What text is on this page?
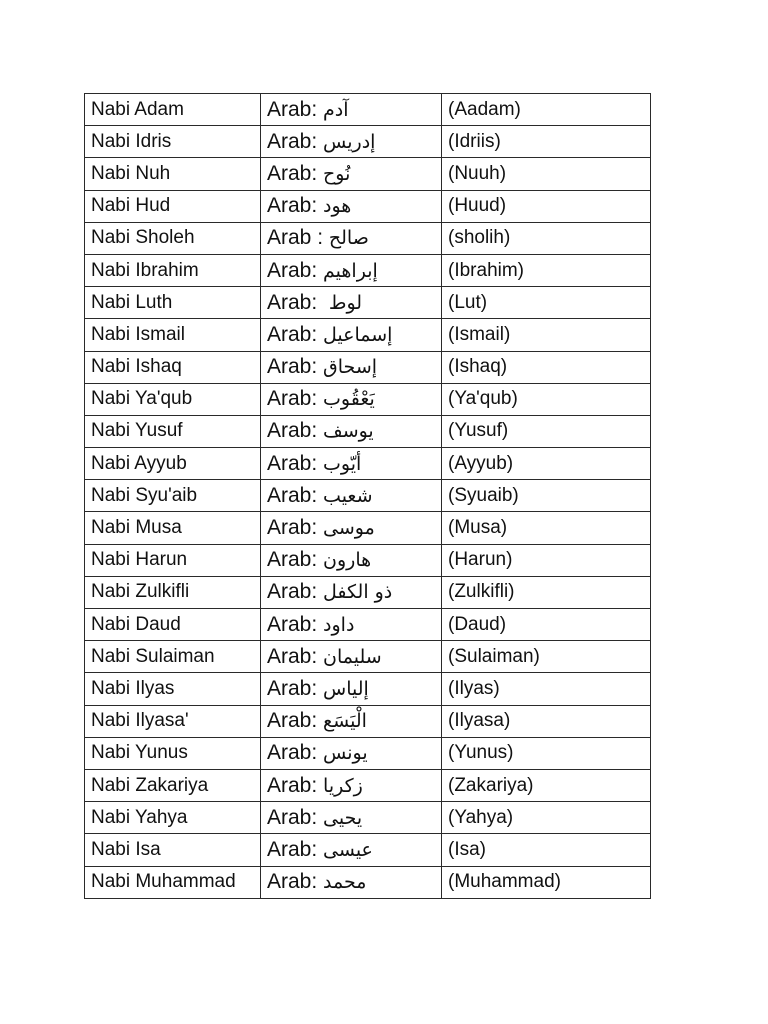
Nabi Adam	Arab: آدم	(Aadam)
Nabi Idris	Arab: إدريس	(Idriis)
Nabi Nuh	Arab: نُوح	(Nuuh)
Nabi Hud	Arab: هود	(Huud)
Nabi Sholeh	Arab : صالح	(sholih)
Nabi Ibrahim	Arab: إبراهيم	(Ibrahim)
Nabi Luth	Arab:  لوط	(Lut)
Nabi Ismail	Arab: إسماعيل	(Ismail)
Nabi Ishaq	Arab: إسحاق	(Ishaq)
Nabi Ya'qub	Arab: يَعْقُوب	(Ya'qub)
Nabi Yusuf	Arab: يوسف	(Yusuf)
Nabi Ayyub	Arab: أيّوب	(Ayyub)
Nabi Syu'aib	Arab: شعيب	(Syuaib)
Nabi Musa	Arab: موسى	(Musa)
Nabi Harun	Arab: هارون	(Harun)
Nabi Zulkifli	Arab: ذو الكفل	(Zulkifli)
Nabi Daud	Arab: داود	(Daud)
Nabi Sulaiman	Arab: سليمان	(Sulaiman)
Nabi Ilyas	Arab: إلياس	(Ilyas)
Nabi Ilyasa'	Arab: الْيَسَع	(Ilyasa)
Nabi Yunus	Arab: يونس	(Yunus)
Nabi Zakariya	Arab: زكريا	(Zakariya)
Nabi Yahya	Arab: يحيى	(Yahya)
Nabi Isa	Arab: عيسى	(Isa)
Nabi Muhammad	Arab: محمد	(Muhammad)
